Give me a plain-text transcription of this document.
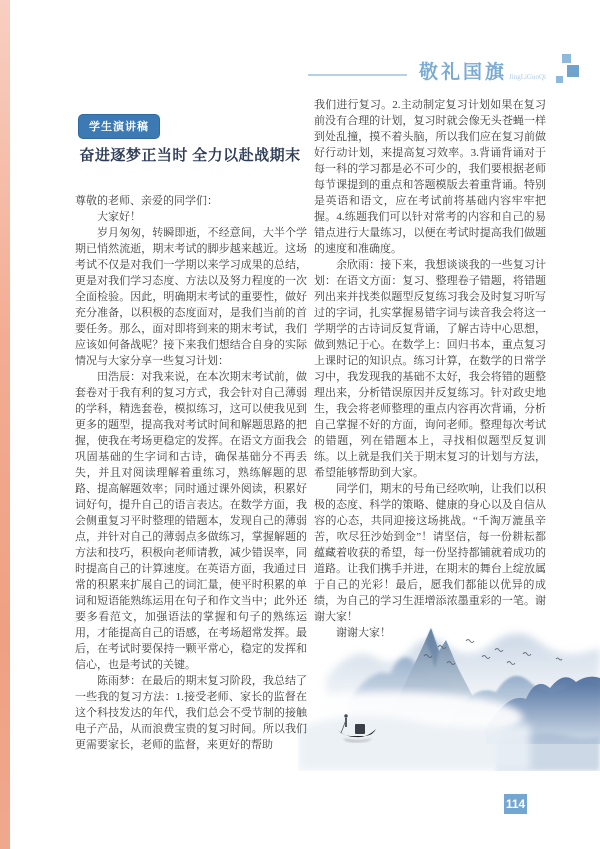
敬礼国旗 JingLiGuoQi
学生演讲稿
奋进逐梦正当时 全力以赴战期末

尊敬的老师、亲爱的同学们：

大家好！

岁月匆匆，转瞬即逝，不经意间，大半个学期已悄然流逝，期末考试的脚步越来越近。这场考试不仅是对我们一学期以来学习成果的总结，更是对我们学习态度、方法以及努力程度的一次全面检验。因此，明确期末考试的重要性，做好充分准备，以积极的态度面对，是我们当前的首要任务。那么，面对即将到来的期末考试，我们应该如何备战呢？接下来我们想结合自身的实际情况与大家分享一些复习计划：

田浩辰：对我来说，在本次期末考试前，做套卷对于我有利的复习方式，我会针对自己薄弱的学科，精选套卷，模拟练习，这可以使我见到更多的题型，提高我对考试时间和解题思路的把握，使我在考场更稳定的发挥。在语文方面我会巩固基础的生字词和古诗，确保基础分不再丢失，并且对阅读理解着重练习，熟练解题的思路、提高解题效率；同时通过课外阅读，积累好词好句，提升自己的语言表达。在数学方面，我会侧重复习平时整理的错题本，发现自己的薄弱点，并针对自己的薄弱点多做练习，掌握解题的方法和技巧，积极向老师请教，减少错误率，同时提高自己的计算速度。在英语方面，我通过日常的积累来扩展自己的词汇量，使平时积累的单词和短语能熟练运用在句子和作文当中；此外还要多看范文，加强语法的掌握和句子的熟练运用，才能提高自己的语感，在考场超常发挥。最后，在考试时要保持一颗平常心，稳定的发挥和信心，也是考试的关键。

陈雨梦：在最后的期末复习阶段，我总结了一些我的复习方法：1.接受老师、家长的监督在这个科技发达的年代，我们总会不受节制的接触电子产品，从而浪费宝贵的复习时间。所以我们更需要家长，老师的监督，来更好的帮助

我们进行复习。2.主动制定复习计划如果在复习前没有合理的计划，复习时就会像无头苍蝇一样到处乱撞，摸不着头脑，所以我们应在复习前做好行动计划，来提高复习效率。3.背诵背诵对于每一科的学习都是必不可少的，我们要根据老师每节课提到的重点和答题模版去着重背诵。特别是英语和语文，应在考试前将基础内容牢牢把握。4.练题我们可以针对常考的内容和自己的易错点进行大量练习，以便在考试时提高我们做题的速度和准确度。

余欣雨：接下来，我想谈谈我的一些复习计划：在语文方面：复习、整理卷子错题，将错题列出来并找类似题型反复练习我会及时复习听写过的字词，扎实掌握易错字词与读音我会将这一学期学的古诗词反复背诵，了解古诗中心思想，做到熟记于心。在数学上：回归书本，重点复习上课时记的知识点。练习计算，在数学的日常学习中，我发现我的基础不太好，我会将错的题整理出来，分析错误原因并反复练习。针对政史地生，我会将老师整理的重点内容再次背诵，分析自己掌握不好的方面，询问老师。整理每次考试的错题，列在错题本上，寻找相似题型反复训练。以上就是我们关于期末复习的计划与方法，希望能够帮助到大家。

同学们，期末的号角已经吹响，让我们以积极的态度、科学的策略、健康的身心以及自信从容的心态，共同迎接这场挑战。“千淘万漉虽辛苦，吹尽狂沙始到金”！请坚信，每一份耕耘都蕴藏着收获的希望，每一份坚持都铺就着成功的道路。让我们携手并进，在期末的舞台上绽放属于自己的光彩！最后，愿我们都能以优异的成绩，为自己的学习生涯增添浓墨重彩的一笔。谢谢大家！

谢谢大家！

114
